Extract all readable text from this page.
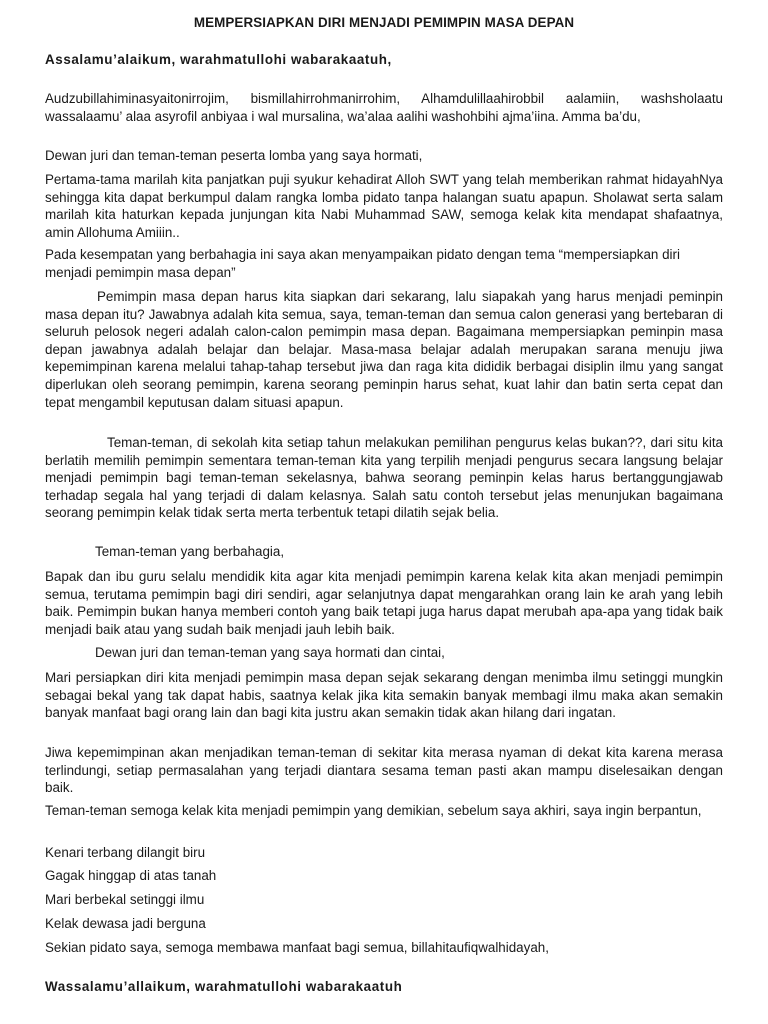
MEMPERSIAPKAN DIRI MENJADI PEMIMPIN MASA DEPAN

Assalamu’alaikum, warahmatullohi wabarakaatuh,

Audzubillahiminasyaitonirrojim, bismillahirrohmanirrohim, Alhamdulillaahirobbil aalamiin, washsholaatu wassalaamu’ alaa asyrofil anbiyaa i wal mursalina, wa’alaa aalihi washohbihi ajma’iina. Amma ba’du,

Dewan juri dan teman-teman peserta lomba yang saya hormati,

Pertama-tama marilah kita panjatkan puji syukur kehadirat Alloh SWT yang telah memberikan rahmat hidayahNya sehingga kita dapat berkumpul dalam rangka lomba pidato tanpa halangan suatu apapun. Sholawat serta salam marilah kita haturkan kepada junjungan kita Nabi Muhammad SAW, semoga kelak kita mendapat shafaatnya, amin Allohuma Amiiin..

Pada kesempatan yang berbahagia ini saya akan menyampaikan pidato dengan tema “mempersiapkan diri menjadi pemimpin masa depan”

Pemimpin masa depan harus kita siapkan dari sekarang, lalu siapakah yang harus menjadi peminpin masa depan itu? Jawabnya adalah kita semua, saya, teman-teman dan semua calon generasi yang bertebaran di seluruh pelosok negeri adalah calon-calon pemimpin masa depan. Bagaimana mempersiapkan peminpin masa depan jawabnya adalah belajar dan belajar. Masa-masa belajar adalah merupakan sarana menuju jiwa kepemimpinan karena melalui tahap-tahap tersebut jiwa dan raga kita dididik berbagai disiplin ilmu yang sangat diperlukan oleh seorang pemimpin, karena seorang peminpin harus sehat, kuat lahir dan batin serta cepat dan tepat mengambil keputusan dalam situasi apapun.

Teman-teman, di sekolah kita setiap tahun melakukan pemilihan pengurus kelas bukan??, dari situ kita berlatih memilih pemimpin sementara teman-teman kita yang terpilih menjadi pengurus secara langsung belajar menjadi pemimpin bagi teman-teman sekelasnya, bahwa seorang peminpin kelas harus bertanggungjawab terhadap segala hal yang terjadi di dalam kelasnya. Salah satu contoh tersebut jelas menunjukan bagaimana seorang pemimpin kelak tidak serta merta terbentuk tetapi dilatih sejak belia.

Teman-teman yang berbahagia,

Bapak dan ibu guru selalu mendidik kita agar kita menjadi pemimpin karena kelak kita akan menjadi pemimpin semua, terutama pemimpin bagi diri sendiri, agar selanjutnya dapat mengarahkan orang lain ke arah yang lebih baik. Pemimpin bukan hanya memberi contoh yang baik tetapi juga harus dapat merubah apa-apa yang tidak baik menjadi baik atau yang sudah baik menjadi jauh lebih baik.

Dewan juri dan teman-teman yang saya hormati dan cintai,

Mari persiapkan diri kita menjadi pemimpin masa depan sejak sekarang dengan menimba ilmu setinggi mungkin sebagai bekal yang tak dapat habis, saatnya kelak jika kita semakin banyak membagi ilmu maka akan semakin banyak manfaat bagi orang lain dan bagi kita justru akan semakin tidak akan hilang dari ingatan.

Jiwa kepemimpinan akan menjadikan teman-teman di sekitar kita merasa nyaman di dekat kita karena merasa terlindungi, setiap permasalahan yang terjadi diantara sesama teman pasti akan mampu diselesaikan dengan baik.

Teman-teman semoga kelak kita menjadi pemimpin yang demikian, sebelum saya akhiri, saya ingin berpantun,

Kenari terbang dilangit biru

Gagak hinggap di atas tanah

Mari berbekal setinggi ilmu

Kelak dewasa jadi berguna

Sekian pidato saya, semoga membawa manfaat bagi semua, billahitaufiqwalhidayah,

Wassalamu’allaikum, warahmatullohi wabarakaatuh
